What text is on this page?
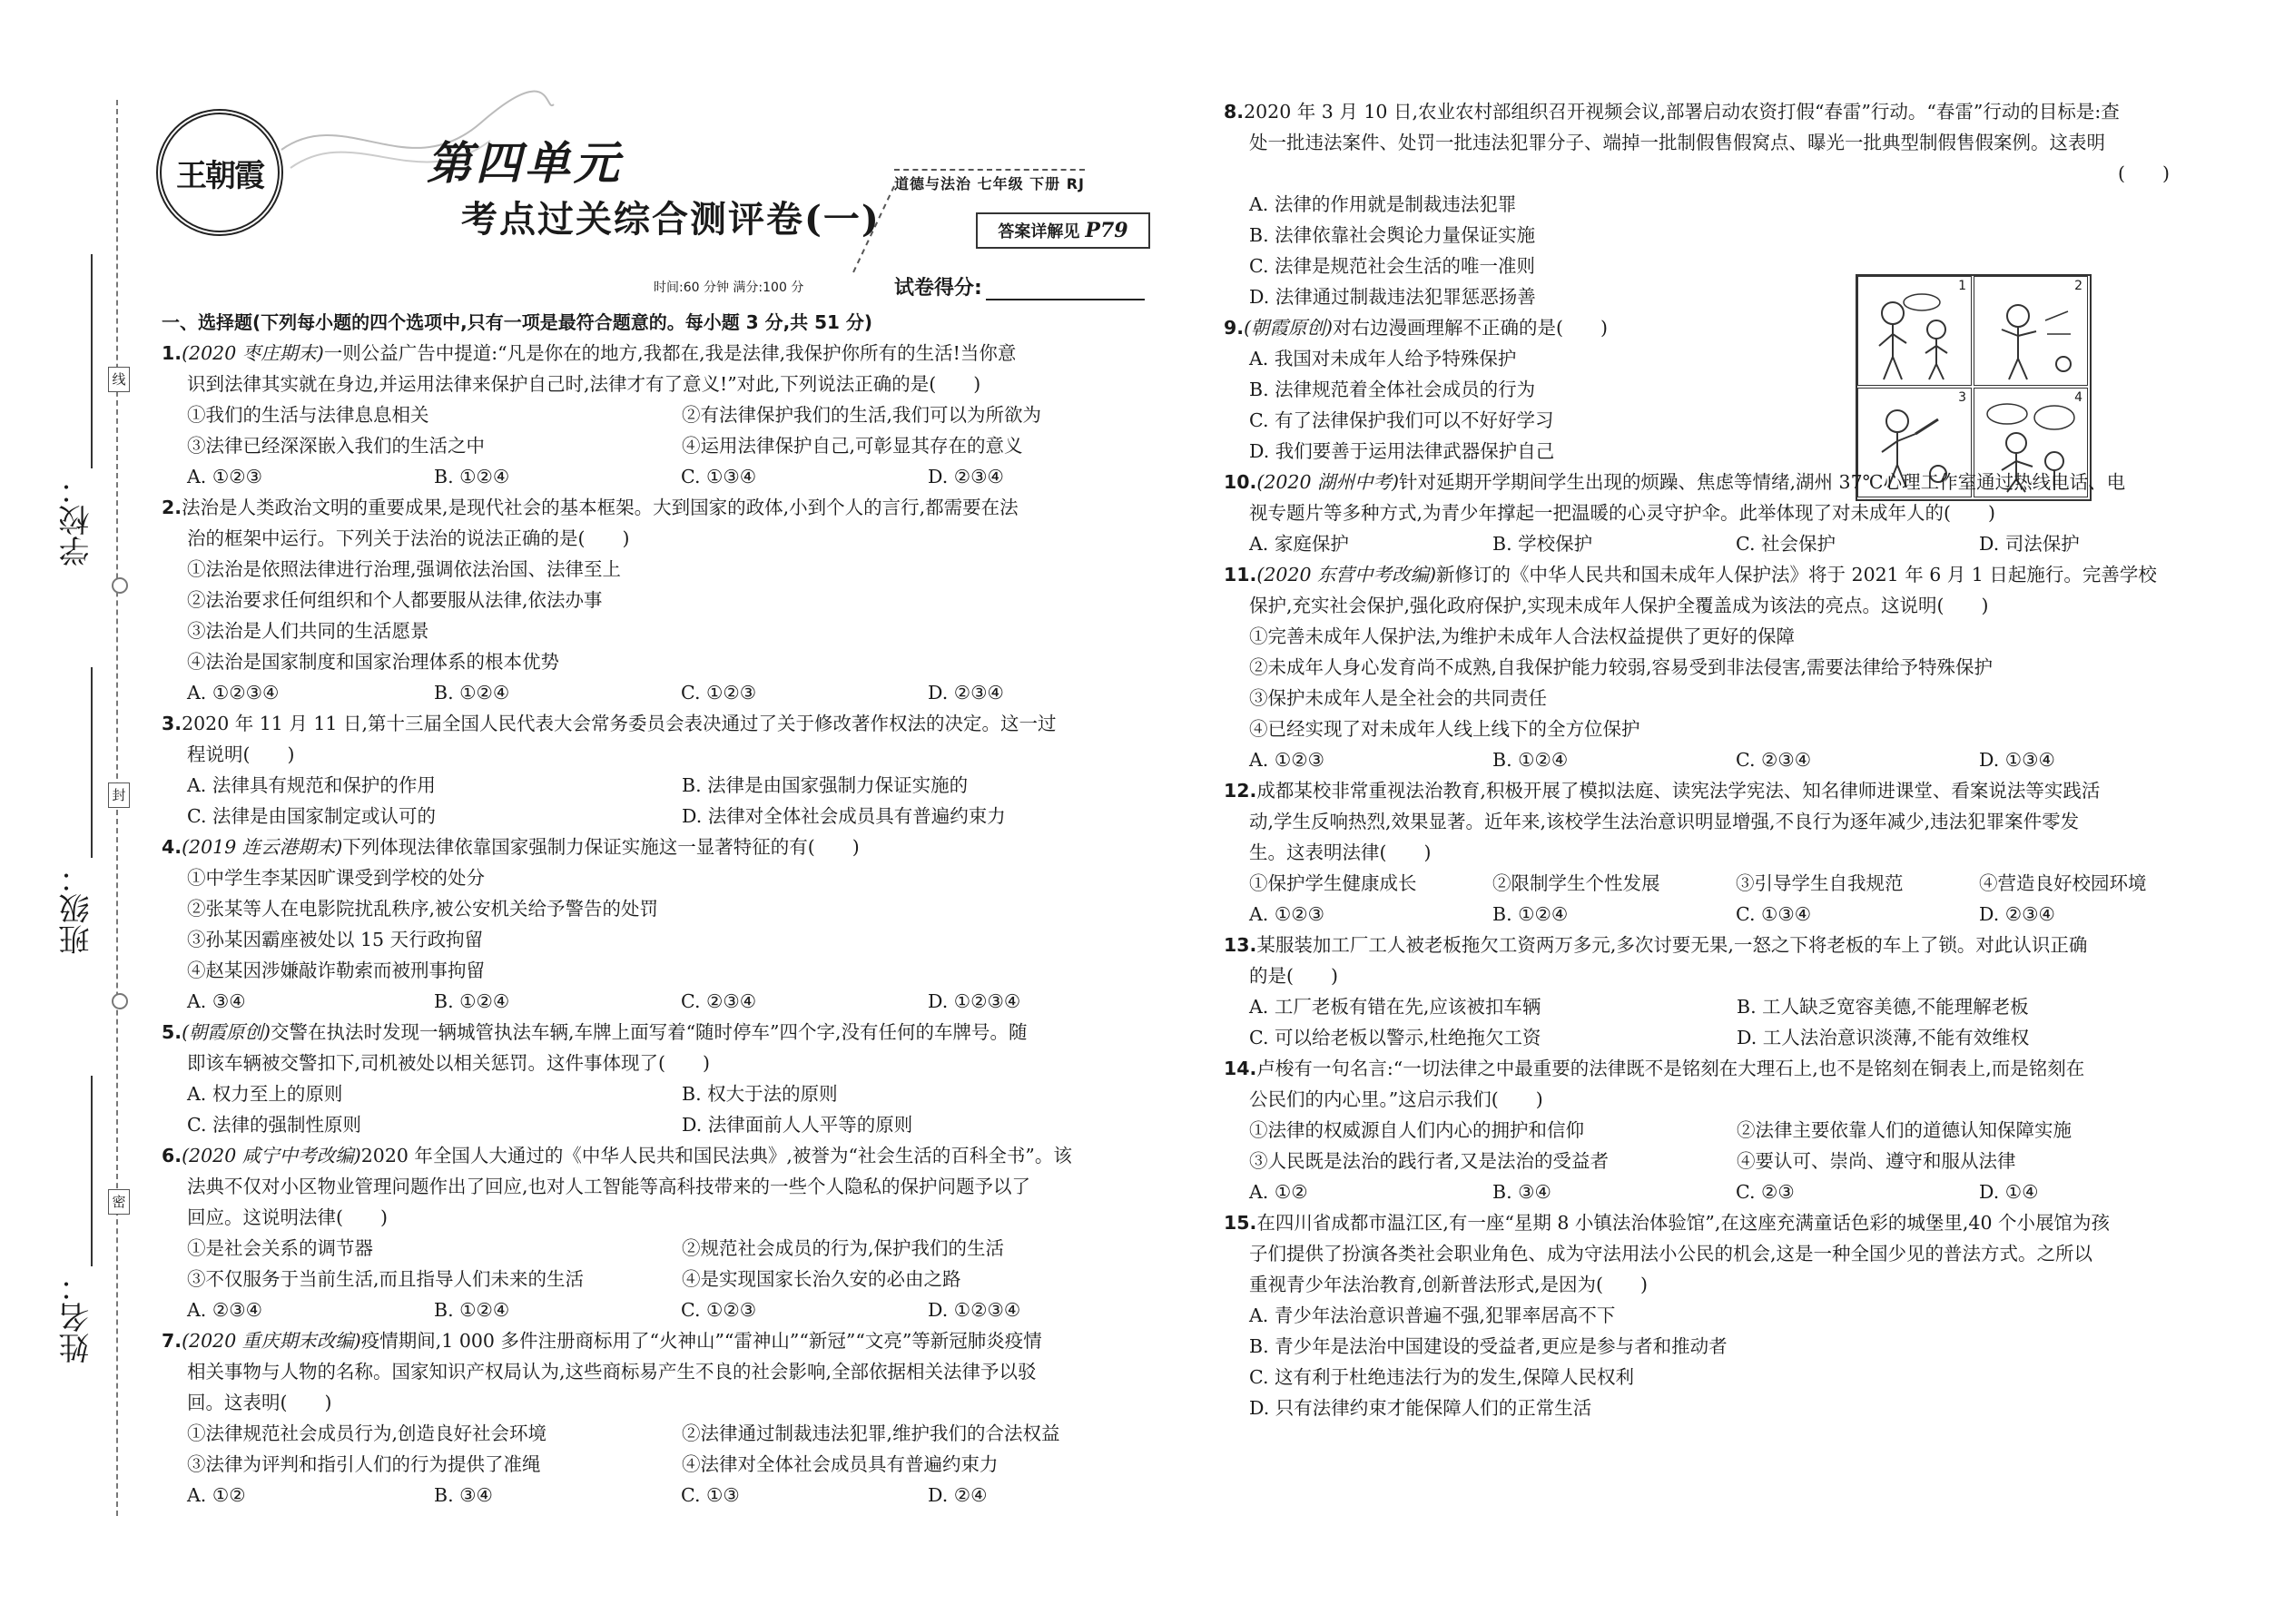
线
封
密
学校：
班级：
姓名：
王朝霞	第四单元
考点过关综合测评卷(一)
道德与法治 七年级 下册 RJ
答案详解见 P79
时间:60 分钟 满分:100 分	试卷得分:	1	2
3	4

一、选择题(下列每小题的四个选项中,只有一项是最符合题意的。每小题 3 分,共 51 分)

1.(2020 枣庄期末)一则公益广告中提道:“凡是你在的地方,我都在,我是法律,我保护你所有的生活!当你意

识到法律其实就在身边,并运用法律来保护自己时,法律才有了意义!”对此,下列说法正确的是(　　)

①我们的生活与法律息息相关	②有法律保护我们的生活,我们可以为所欲为

③法律已经深深嵌入我们的生活之中	④运用法律保护自己,可彰显其存在的意义

A. ①②③	B. ①②④	C. ①③④	D. ②③④

2.法治是人类政治文明的重要成果,是现代社会的基本框架。大到国家的政体,小到个人的言行,都需要在法

治的框架中运行。下列关于法治的说法正确的是(　　)

①法治是依照法律进行治理,强调依法治国、法律至上

②法治要求任何组织和个人都要服从法律,依法办事

③法治是人们共同的生活愿景

④法治是国家制度和国家治理体系的根本优势

A. ①②③④	B. ①②④	C. ①②③	D. ②③④

3.2020 年 11 月 11 日,第十三届全国人民代表大会常务委员会表决通过了关于修改著作权法的决定。这一过

程说明(　　)

A. 法律具有规范和保护的作用	B. 法律是由国家强制力保证实施的

C. 法律是由国家制定或认可的	D. 法律对全体社会成员具有普遍约束力

4.(2019 连云港期末)下列体现法律依靠国家强制力保证实施这一显著特征的有(　　)

①中学生李某因旷课受到学校的处分

②张某等人在电影院扰乱秩序,被公安机关给予警告的处罚

③孙某因霸座被处以 15 天行政拘留

④赵某因涉嫌敲诈勒索而被刑事拘留

A. ③④	B. ①②④	C. ②③④	D. ①②③④

5.(朝霞原创)交警在执法时发现一辆城管执法车辆,车牌上面写着“随时停车”四个字,没有任何的车牌号。随

即该车辆被交警扣下,司机被处以相关惩罚。这件事体现了(　　)

A. 权力至上的原则	B. 权大于法的原则

C. 法律的强制性原则	D. 法律面前人人平等的原则

6.(2020 咸宁中考改编)2020 年全国人大通过的《中华人民共和国民法典》,被誉为“社会生活的百科全书”。该

法典不仅对小区物业管理问题作出了回应,也对人工智能等高科技带来的一些个人隐私的保护问题予以了

回应。这说明法律(　　)

①是社会关系的调节器	②规范社会成员的行为,保护我们的生活

③不仅服务于当前生活,而且指导人们未来的生活	④是实现国家长治久安的必由之路

A. ②③④	B. ①②④	C. ①②③	D. ①②③④

7.(2020 重庆期末改编)疫情期间,1 000 多件注册商标用了“火神山”“雷神山”“新冠”“文亮”等新冠肺炎疫情

相关事物与人物的名称。国家知识产权局认为,这些商标易产生不良的社会影响,全部依据相关法律予以驳

回。这表明(　　)

①法律规范社会成员行为,创造良好社会环境	②法律通过制裁违法犯罪,维护我们的合法权益

③法律为评判和指引人们的行为提供了准绳	④法律对全体社会成员具有普遍约束力

A. ①②	B. ③④	C. ①③	D. ②④

8.2020 年 3 月 10 日,农业农村部组织召开视频会议,部署启动农资打假“春雷”行动。“春雷”行动的目标是:查

处一批违法案件、处罚一批违法犯罪分子、端掉一批制假售假窝点、曝光一批典型制假售假案例。这表明

(　　)

A. 法律的作用就是制裁违法犯罪

B. 法律依靠社会舆论力量保证实施

C. 法律是规范社会生活的唯一准则

D. 法律通过制裁违法犯罪惩恶扬善

9.(朝霞原创)对右边漫画理解不正确的是(　　)

A. 我国对未成年人给予特殊保护

B. 法律规范着全体社会成员的行为

C. 有了法律保护我们可以不好好学习

D. 我们要善于运用法律武器保护自己

10.(2020 湖州中考)针对延期开学期间学生出现的烦躁、焦虑等情绪,湖州 37℃心理工作室通过热线电话、电

视专题片等多种方式,为青少年撑起一把温暖的心灵守护伞。此举体现了对未成年人的(　　)

A. 家庭保护	B. 学校保护	C. 社会保护	D. 司法保护

11.(2020 东营中考改编)新修订的《中华人民共和国未成年人保护法》将于 2021 年 6 月 1 日起施行。完善学校

保护,充实社会保护,强化政府保护,实现未成年人保护全覆盖成为该法的亮点。这说明(　　)

①完善未成年人保护法,为维护未成年人合法权益提供了更好的保障

②未成年人身心发育尚不成熟,自我保护能力较弱,容易受到非法侵害,需要法律给予特殊保护

③保护未成年人是全社会的共同责任

④已经实现了对未成年人线上线下的全方位保护

A. ①②③	B. ①②④	C. ②③④	D. ①③④

12.成都某校非常重视法治教育,积极开展了模拟法庭、读宪法学宪法、知名律师进课堂、看案说法等实践活

动,学生反响热烈,效果显著。近年来,该校学生法治意识明显增强,不良行为逐年减少,违法犯罪案件零发

生。这表明法律(　　)

①保护学生健康成长	②限制学生个性发展	③引导学生自我规范	④营造良好校园环境

A. ①②③	B. ①②④	C. ①③④	D. ②③④

13.某服装加工厂工人被老板拖欠工资两万多元,多次讨要无果,一怒之下将老板的车上了锁。对此认识正确

的是(　　)

A. 工厂老板有错在先,应该被扣车辆	B. 工人缺乏宽容美德,不能理解老板

C. 可以给老板以警示,杜绝拖欠工资	D. 工人法治意识淡薄,不能有效维权

14.卢梭有一句名言:“一切法律之中最重要的法律既不是铭刻在大理石上,也不是铭刻在铜表上,而是铭刻在

公民们的内心里。”这启示我们(　　)

①法律的权威源自人们内心的拥护和信仰	②法律主要依靠人们的道德认知保障实施

③人民既是法治的践行者,又是法治的受益者	④要认可、崇尚、遵守和服从法律

A. ①②	B. ③④	C. ②③	D. ①④

15.在四川省成都市温江区,有一座“星期 8 小镇法治体验馆”,在这座充满童话色彩的城堡里,40 个小展馆为孩

子们提供了扮演各类社会职业角色、成为守法用法小公民的机会,这是一种全国少见的普法方式。之所以

重视青少年法治教育,创新普法形式,是因为(　　)

A. 青少年法治意识普遍不强,犯罪率居高不下

B. 青少年是法治中国建设的受益者,更应是参与者和推动者

C. 这有利于杜绝违法行为的发生,保障人民权利

D. 只有法律约束才能保障人们的正常生活
